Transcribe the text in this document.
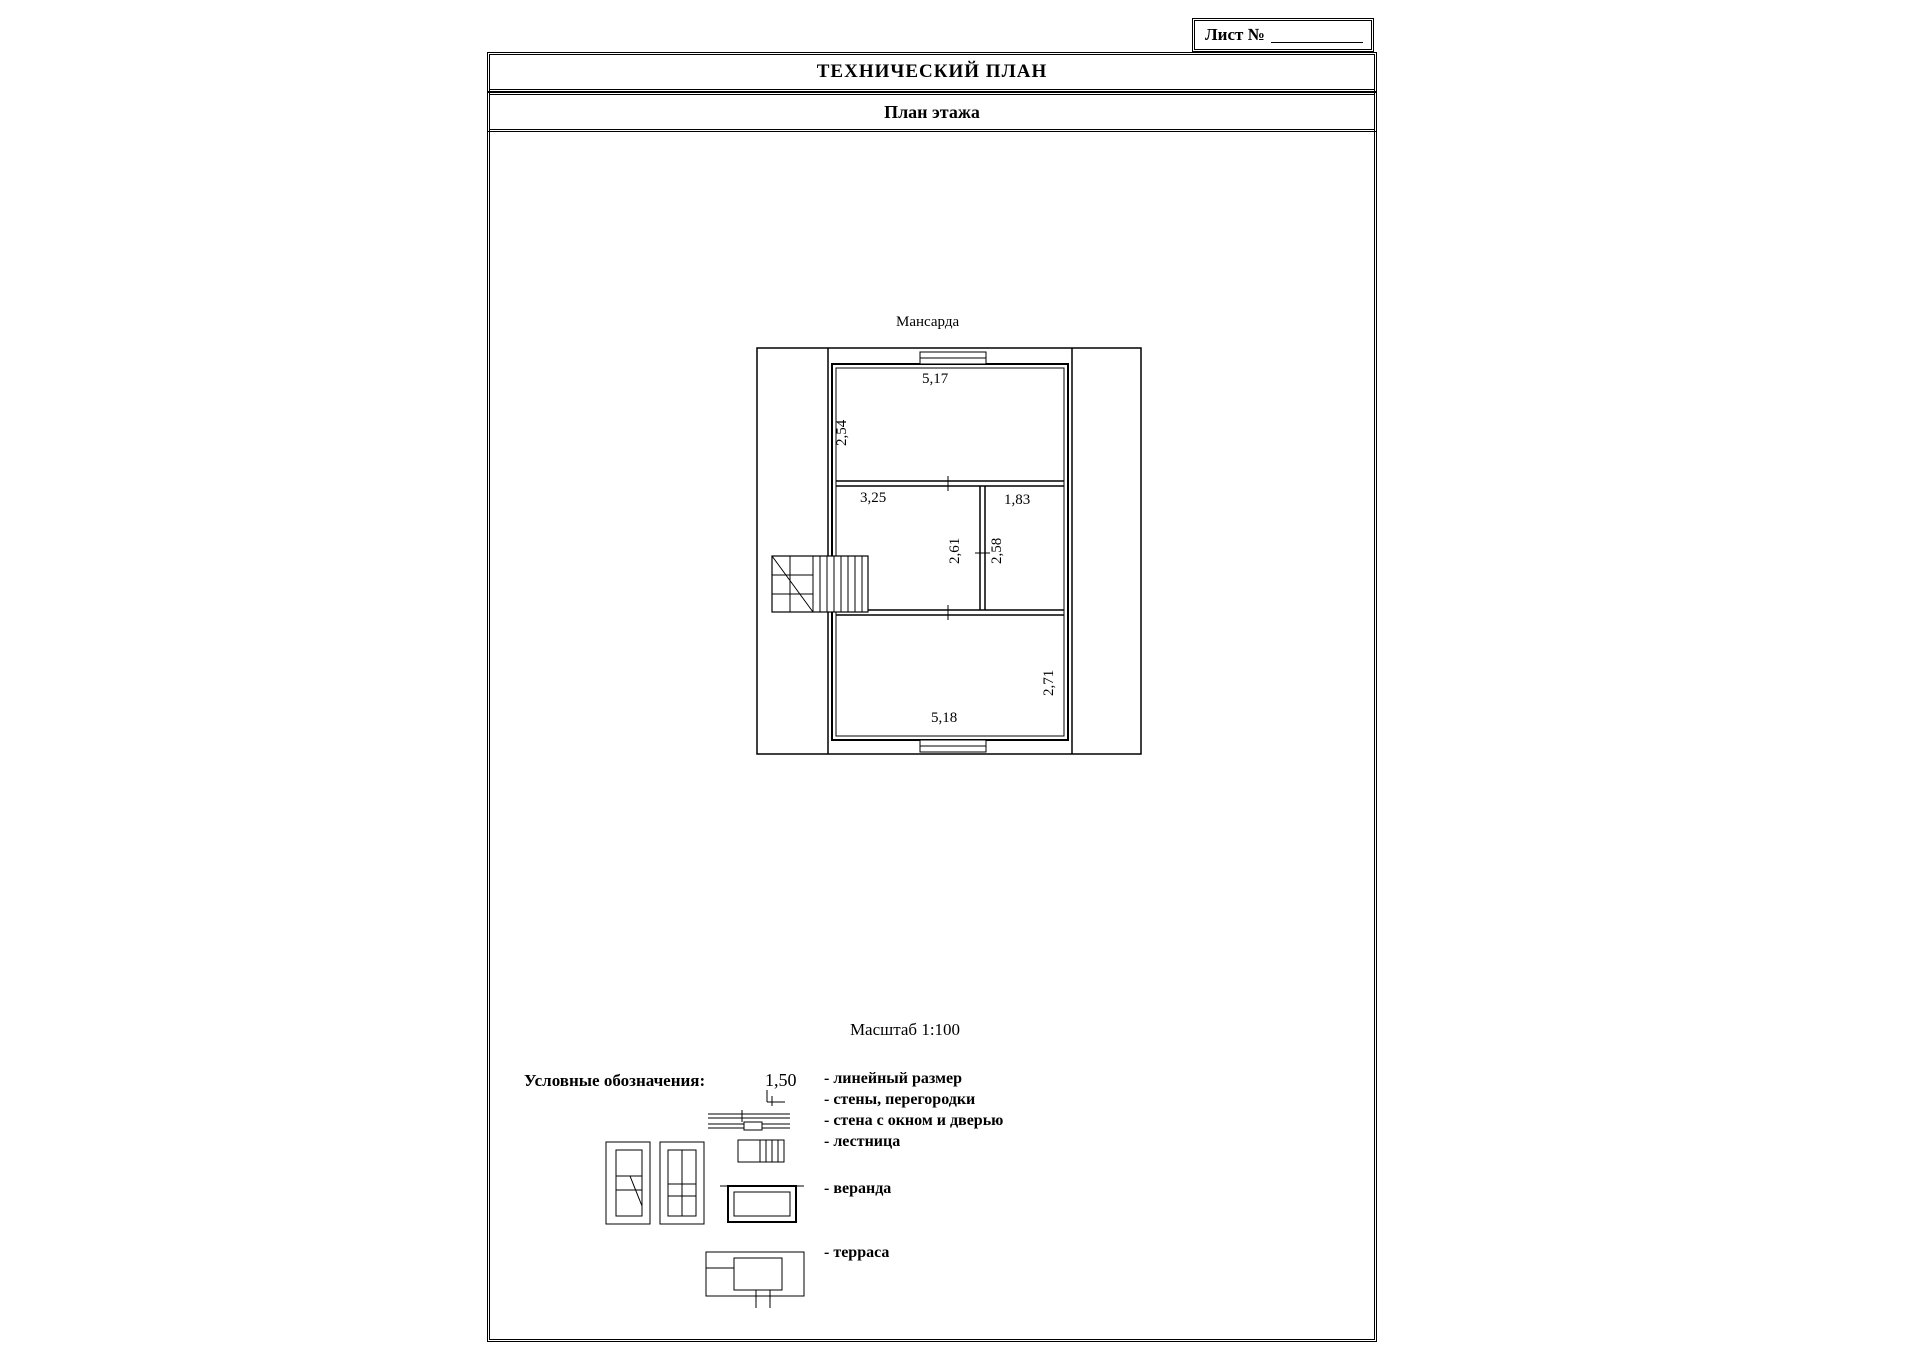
Лист №
ТЕХНИЧЕСКИЙ ПЛАН
План этажа
Мансарда
5,17
2,54
3,25	1,83
2,61 2,58
5,18
2,71
Масштаб 1:100
Условные обозначения:	1,50 - линейный размер
- стены, перегородки
- стена с окном и дверью
- лестница
- веранда
- терраса
